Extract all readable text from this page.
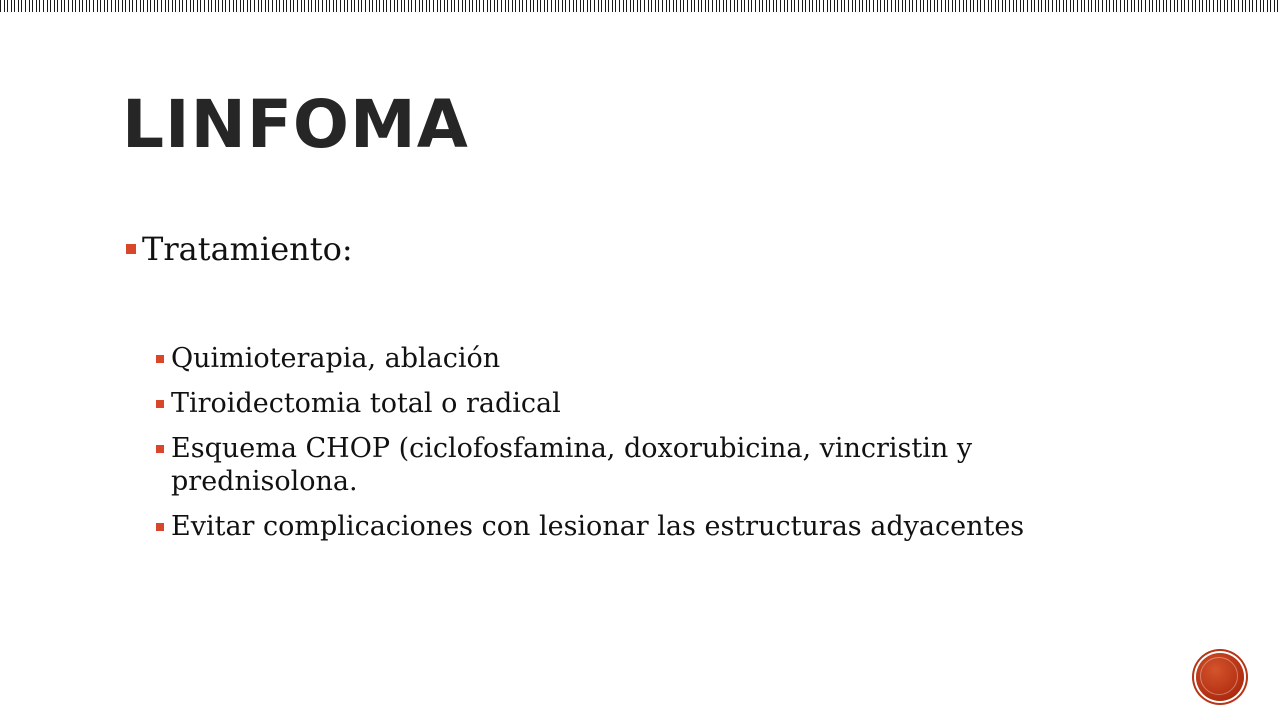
LINFOMA
Tratamiento:
Quimioterapia, ablación
Tiroidectomia total o radical
Esquema CHOP (ciclofosfamina, doxorubicina, vincristin y prednisolona.
Evitar complicaciones con lesionar las estructuras adyacentes
